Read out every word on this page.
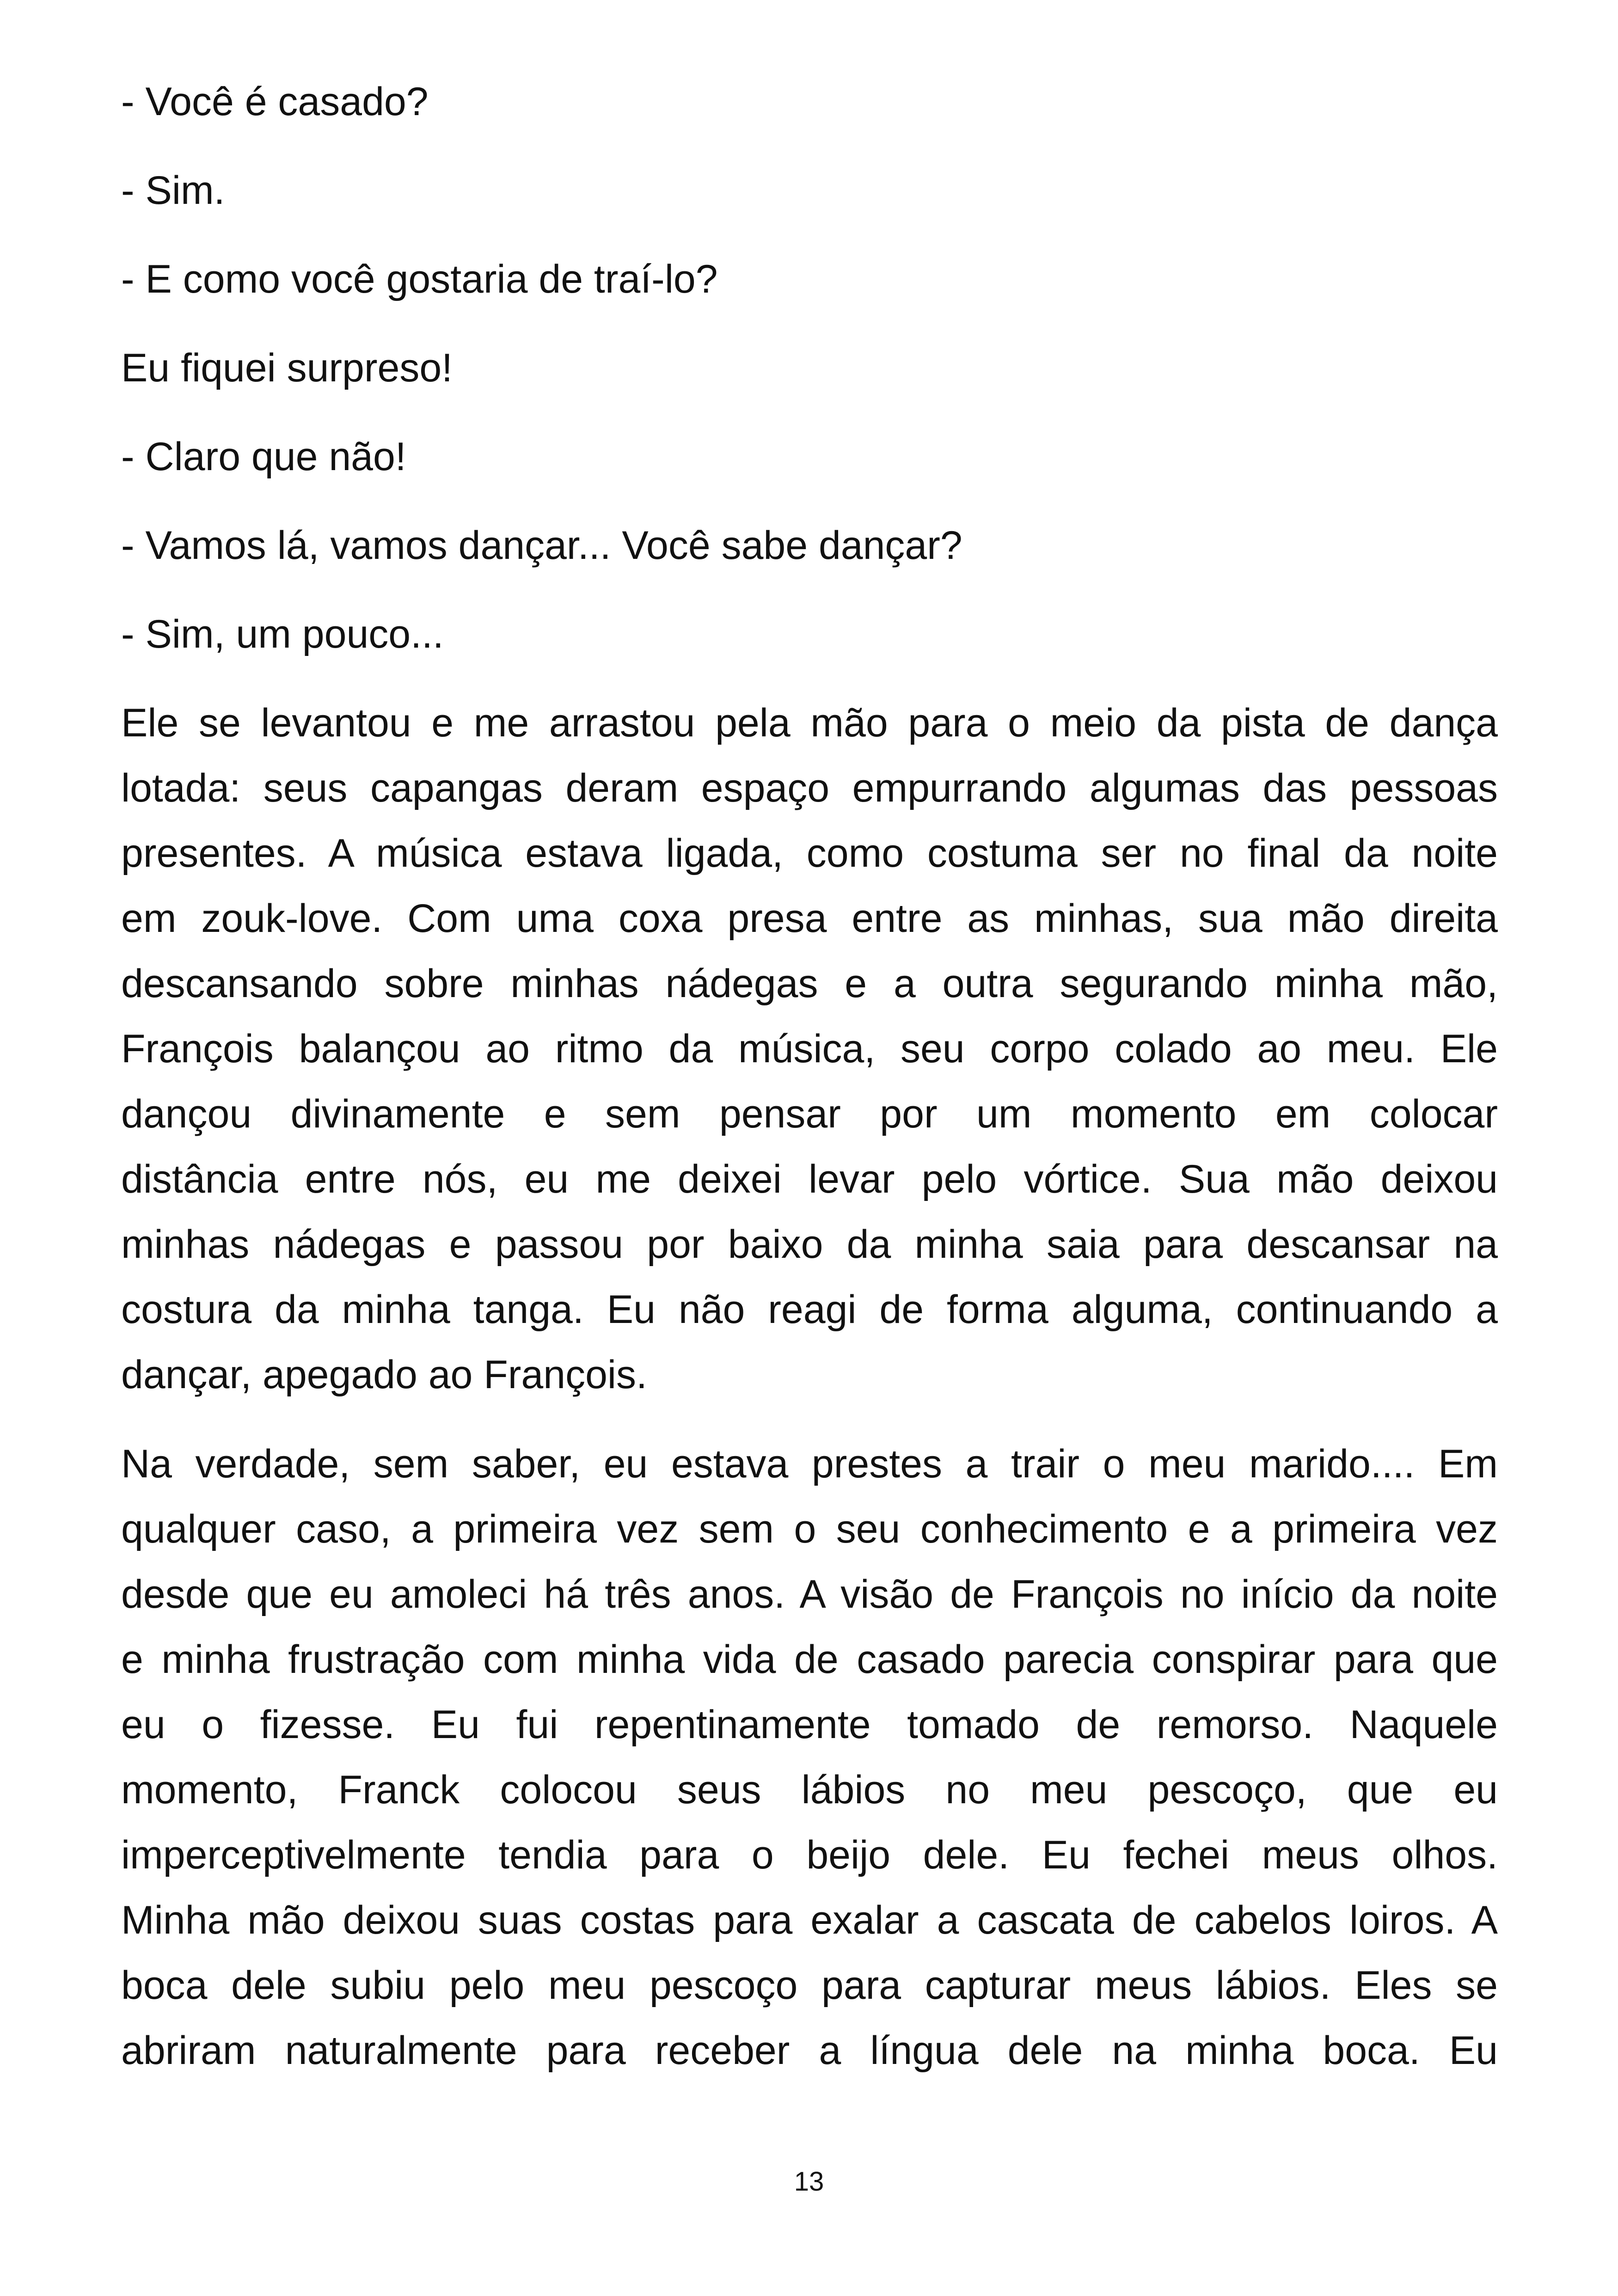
- Você é casado?
- Sim.
- E como você gostaria de traí-lo?
Eu fiquei surpreso!
- Claro que não!
- Vamos lá, vamos dançar... Você sabe dançar?
- Sim, um pouco...
Ele se levantou e me arrastou pela mão para o meio da pista de dança
lotada: seus capangas deram espaço empurrando algumas das pessoas
presentes. A música estava ligada, como costuma ser no final da noite
em zouk-love. Com uma coxa presa entre as minhas, sua mão direita
descansando sobre minhas nádegas e a outra segurando minha mão,
François balançou ao ritmo da música, seu corpo colado ao meu. Ele
dançou divinamente e sem pensar por um momento em colocar
distância entre nós, eu me deixei levar pelo vórtice. Sua mão deixou
minhas nádegas e passou por baixo da minha saia para descansar na
costura da minha tanga. Eu não reagi de forma alguma, continuando a
dançar, apegado ao François.
Na verdade, sem saber, eu estava prestes a trair o meu marido.... Em
qualquer caso, a primeira vez sem o seu conhecimento e a primeira vez
desde que eu amoleci há três anos. A visão de François no início da noite
e minha frustração com minha vida de casado parecia conspirar para que
eu o fizesse. Eu fui repentinamente tomado de remorso. Naquele
momento, Franck colocou seus lábios no meu pescoço, que eu
imperceptivelmente tendia para o beijo dele. Eu fechei meus olhos.
Minha mão deixou suas costas para exalar a cascata de cabelos loiros. A
boca dele subiu pelo meu pescoço para capturar meus lábios. Eles se
abriram naturalmente para receber a língua dele na minha boca. Eu
13
